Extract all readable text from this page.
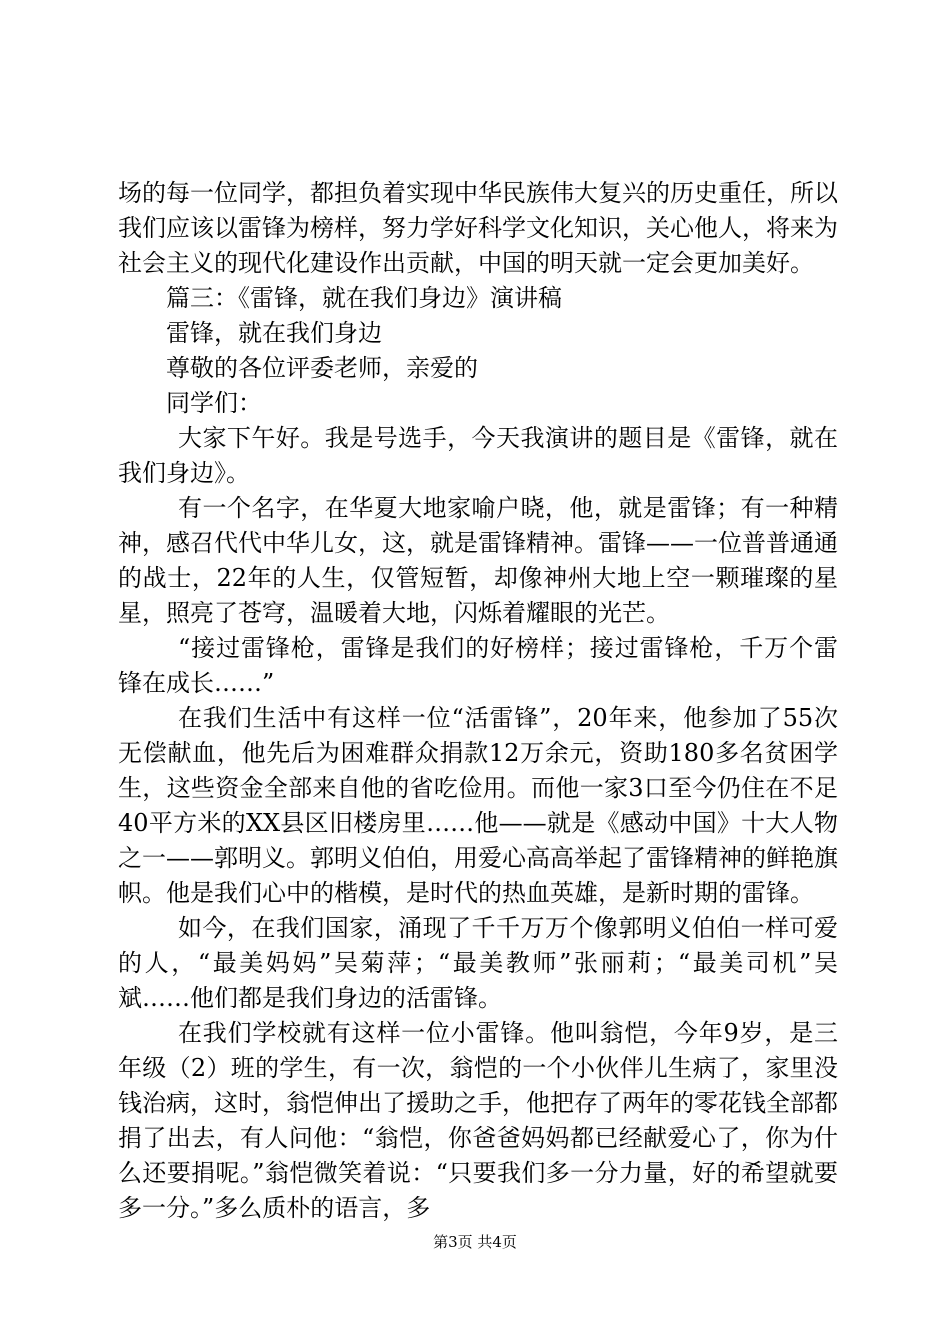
场的每一位同学，都担负着实现中华民族伟大复兴的历史重任，所以我们应该以雷锋为榜样，努力学好科学文化知识，关心他人，将来为社会主义的现代化建设作出贡献，中国的明天就一定会更加美好。

篇三：《雷锋，就在我们身边》演讲稿

雷锋，就在我们身边

尊敬的各位评委老师，亲爱的

同学们：

大家下午好。我是号选手，今天我演讲的题目是《雷锋，就在我们身边》。

有一个名字，在华夏大地家喻户晓，他，就是雷锋；有一种精神，感召代代中华儿女，这，就是雷锋精神。雷锋——一位普普通通的战士，22年的人生，仅管短暂，却像神州大地上空一颗璀璨的星星，照亮了苍穹，温暖着大地，闪烁着耀眼的光芒。

“接过雷锋枪，雷锋是我们的好榜样；接过雷锋枪，千万个雷锋在成长……”

在我们生活中有这样一位“活雷锋”，20年来，他参加了55次无偿献血，他先后为困难群众捐款12万余元，资助180多名贫困学生，这些资金全部来自他的省吃俭用。而他一家3口至今仍住在不足40平方米的XX县区旧楼房里……他——就是《感动中国》十大人物之一——郭明义。郭明义伯伯，用爱心高高举起了雷锋精神的鲜艳旗帜。他是我们心中的楷模，是时代的热血英雄，是新时期的雷锋。

如今，在我们国家，涌现了千千万万个像郭明义伯伯一样可爱的人，“最美妈妈”吴菊萍；“最美教师”张丽莉；“最美司机”吴斌……他们都是我们身边的活雷锋。

在我们学校就有这样一位小雷锋。他叫翁恺，今年9岁，是三年级（2）班的学生，有一次，翁恺的一个小伙伴儿生病了，家里没钱治病，这时，翁恺伸出了援助之手，他把存了两年的零花钱全部都捐了出去，有人问他：“翁恺，你爸爸妈妈都已经献爱心了，你为什么还要捐呢。”翁恺微笑着说：“只要我们多一分力量，好的希望就要多一分。”多么质朴的语言，多

第3页 共4页
